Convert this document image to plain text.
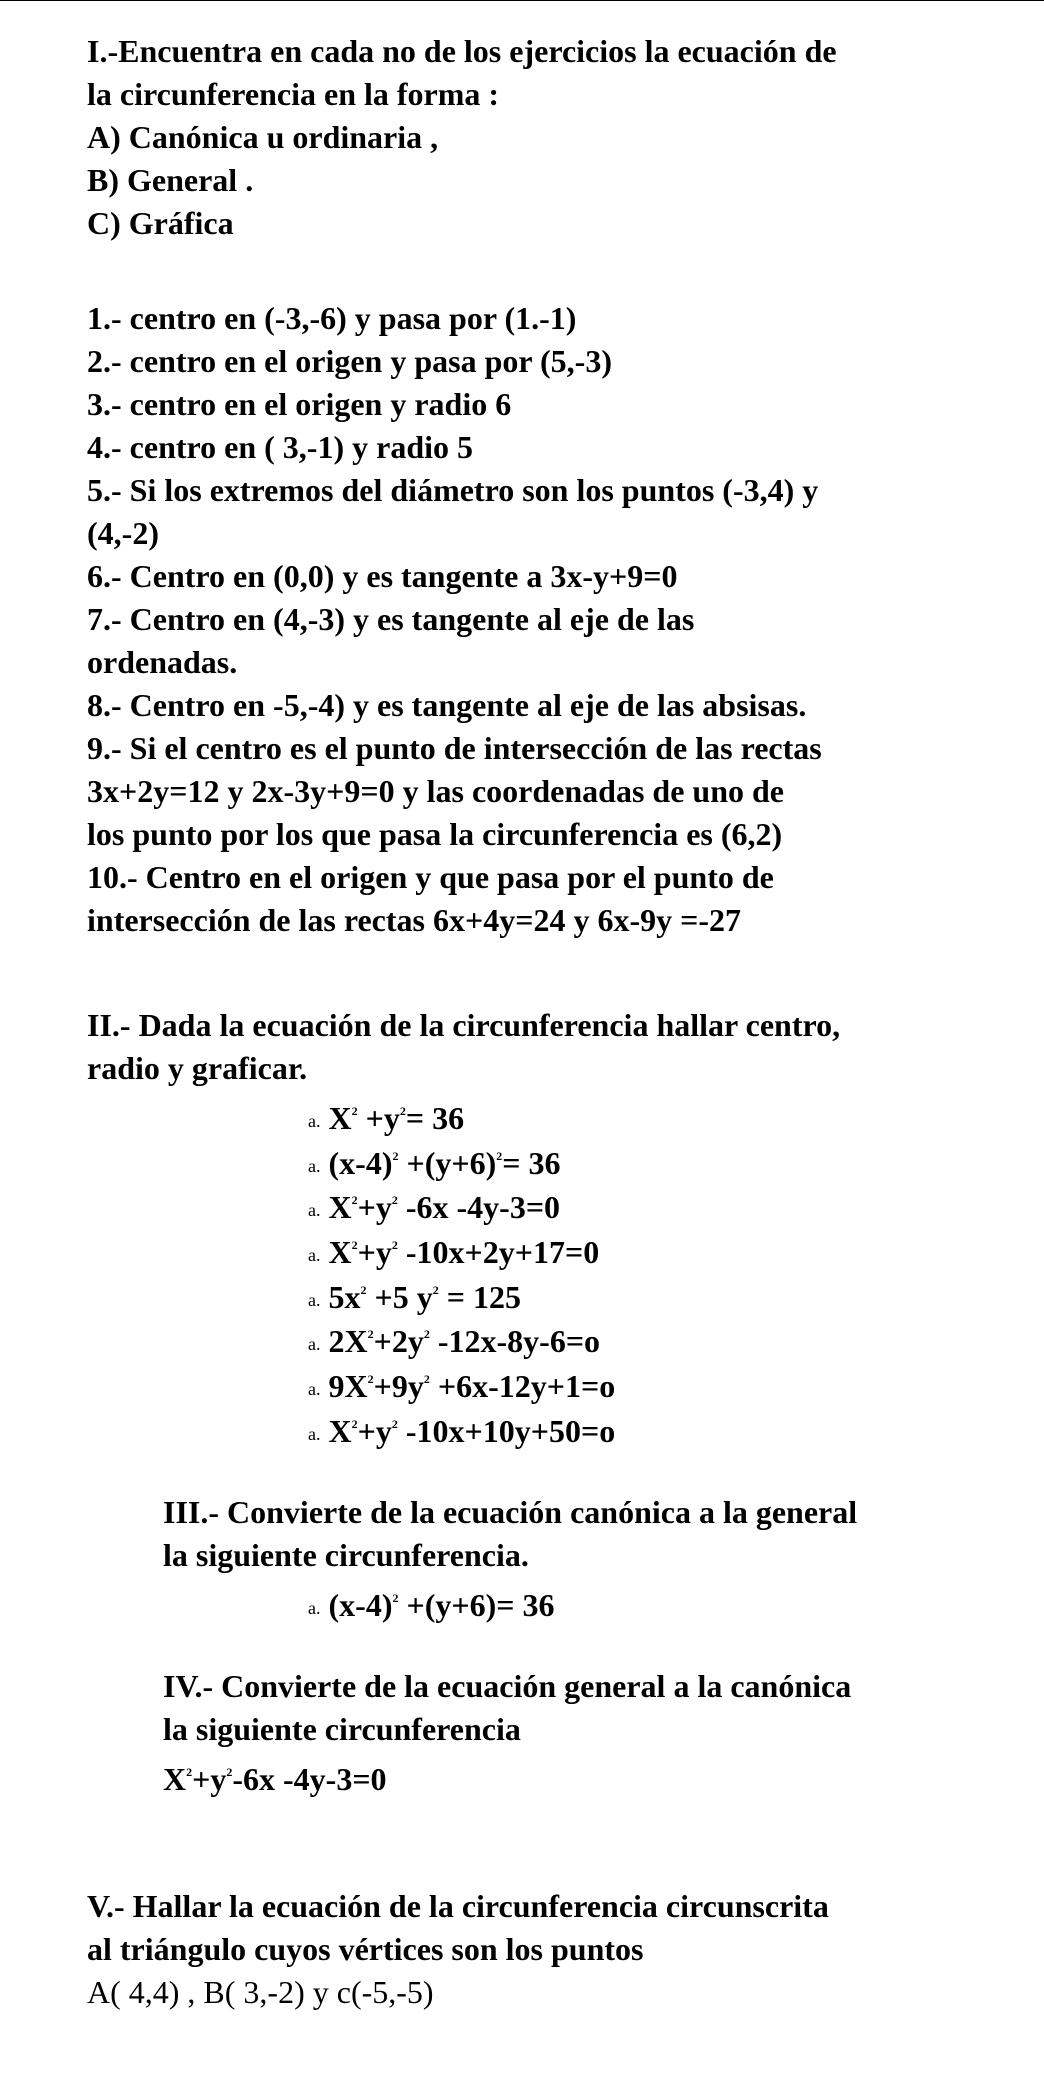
I.-Encuentra en cada no de los ejercicios la ecuación de
la circunferencia en la forma :
A) Canónica u ordinaria ,
B) General .
C) Gráfica
1.- centro en (-3,-6) y pasa por (1.-1)
2.- centro en el origen y pasa por (5,-3)
3.- centro en el origen y radio 6
4.- centro en ( 3,-1) y radio 5
5.- Si los extremos del diámetro son los puntos (-3,4) y
(4,-2)
6.- Centro en (0,0) y es tangente a 3x-y+9=0
7.- Centro en (4,-3) y es tangente al eje de las
ordenadas.
8.- Centro en -5,-4) y es tangente al eje de las absisas.
9.- Si el centro es el punto de intersección de las rectas
3x+2y=12 y 2x-3y+9=0 y las coordenadas de uno de
los punto por los que pasa la circunferencia es (6,2)
10.- Centro en el origen y que pasa por el punto de
intersección de las rectas 6x+4y=24 y 6x-9y =-27
II.- Dada la ecuación de la circunferencia hallar centro,
radio y graficar.
a. $X^2 +y^2= 36$
a. $(x-4)^2 +(y+6)^2= 36$
a. $X^2+y^2$ -6x -4y-3=0
a. $X^2+y^2$ -10x+2y+17=0
a. $5x^2 +5$ $y^2 = 125$
a. $2X^2+2y^2$ -12x-8y-6=o
a. $9X^2+9y^2 +6x-12y+1=o$
a. $X^2+y^2$ -10x+10y+50=o
III.- Convierte de la ecuación canónica a la general
la siguiente circunferencia.
a. $(x-4)^2 +(y+6)= 36$
IV.- Convierte de la ecuación general a la canónica
la siguiente circunferencia
$X^2+y^2-6x$ -4y-3=0
V.- Hallar la ecuación de la circunferencia circunscrita
al triángulo cuyos vértices son los puntos
A( 4,4) , B( 3,-2) y c(-5,-5)
